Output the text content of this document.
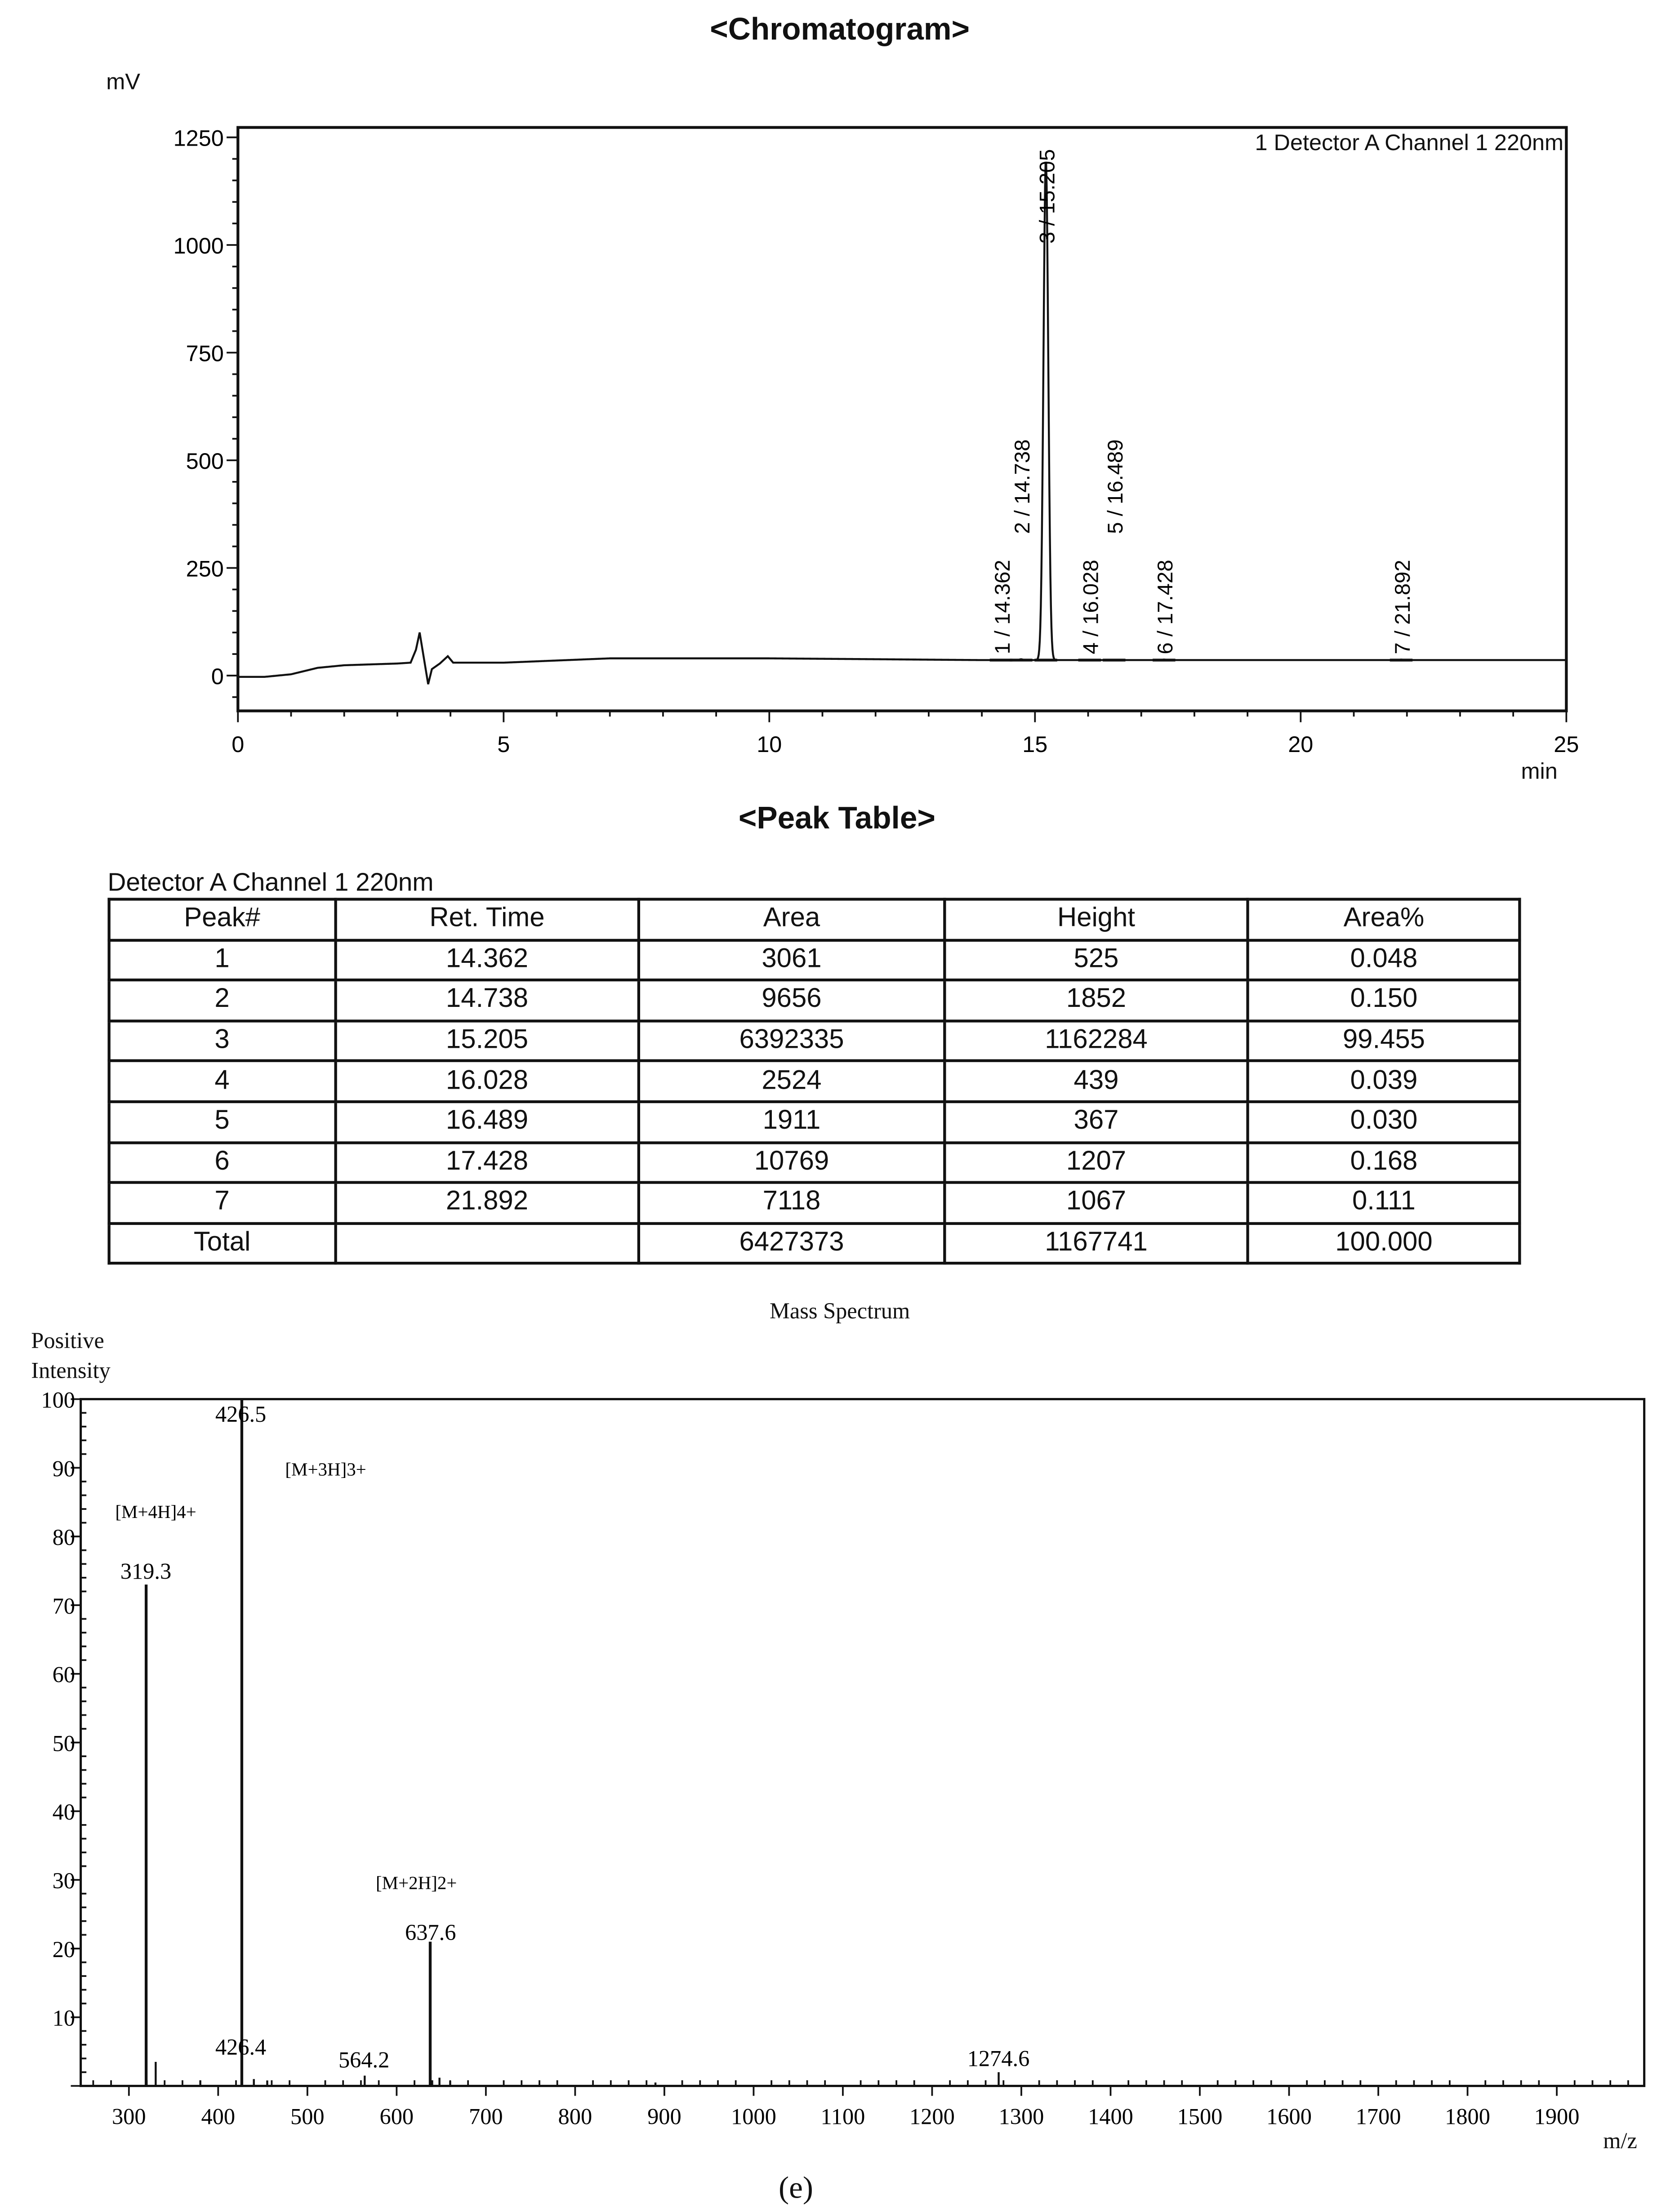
<Chromatogram>
mV
min
1 Detector A Channel 1 220nm
<Peak Table>
Detector A Channel 1 220nm
Peak#	Ret. Time	Area	Height	Area%
1	14.362	3061	525	0.048
2	14.738	9656	1852	0.150
3	15.205	6392335	1162284	99.455
4	16.028	2524	439	0.039
5	16.489	1911	367	0.030
6	17.428	10769	1207	0.168
7	21.892	7118	1067	0.111
Total		6427373	1167741	100.000
Mass Spectrum
Positive
Intensity
m/z
(e)
0
250
500
750
1000
1250
0	5	10	15	20	25
1 / 14.362
2 / 14.738
3 / 15.205
4 / 16.028
5 / 16.489
6 / 17.428	7 / 21.892
10
20
30
40
50
60
70
80
90
100
300	400	500	600	700	800	900	1000	1100	1200	1300	1400	1500	1600	1700	1800	1900
319.3
[M+4H]4+
426.4
426.5
[M+3H]3+
564.2
637.6
[M+2H]2+
1274.6
